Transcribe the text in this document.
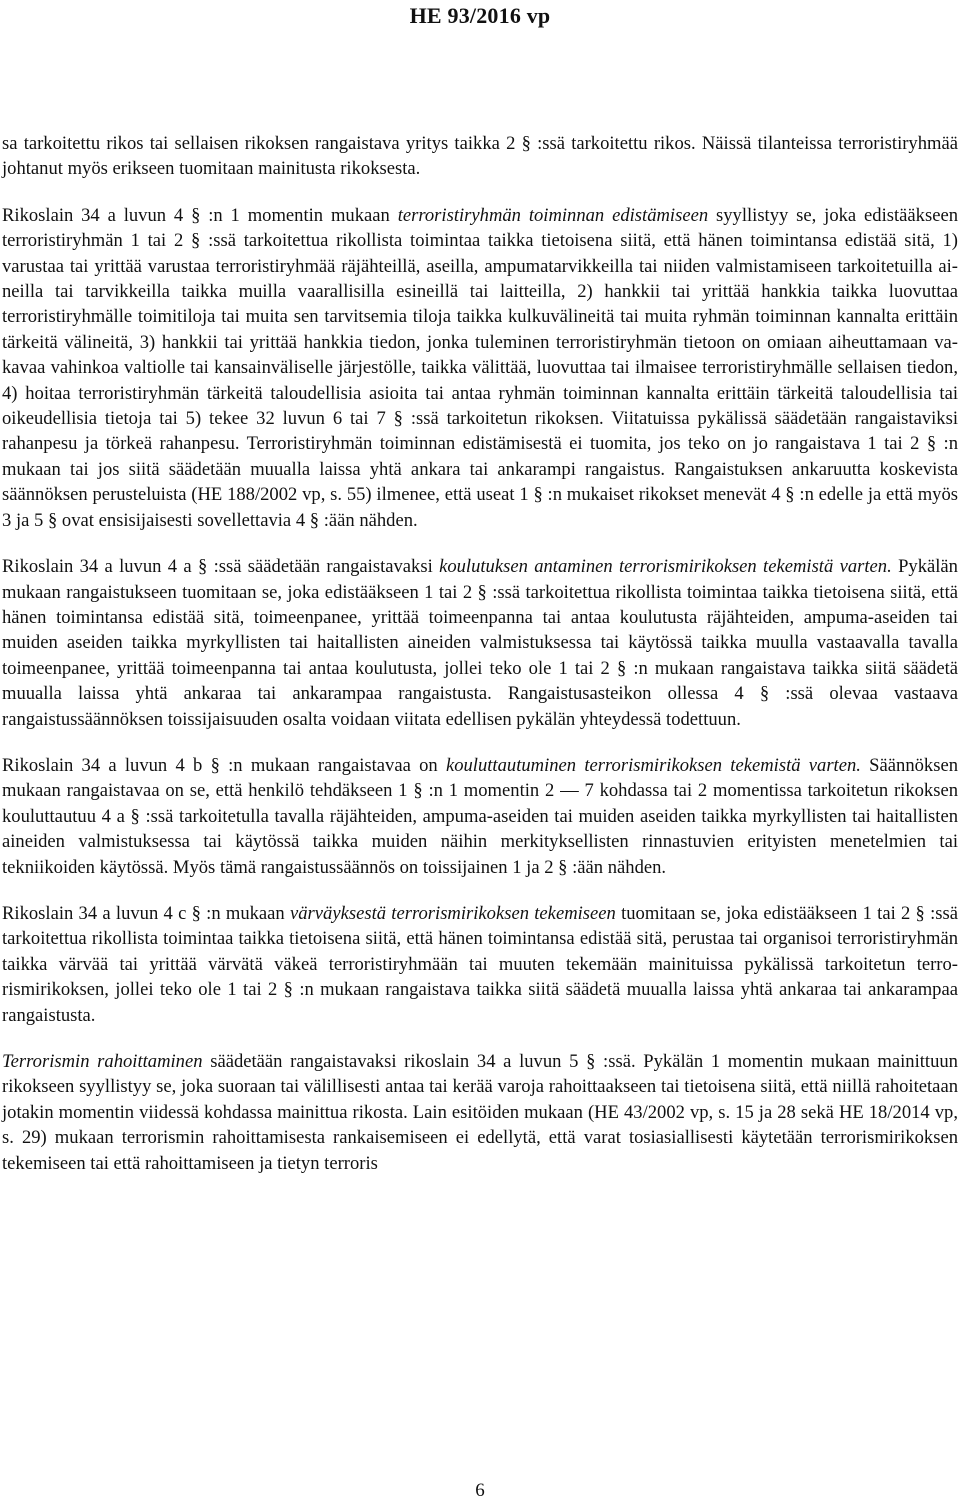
HE 93/2016 vp

sa tarkoitettu rikos tai sellaisen rikoksen rangaistava yritys taikka 2 § :ssä tarkoitettu rikos. Näissä tilanteissa terroristiryhmää johtanut myös erikseen tuomitaan mainitusta rikoksesta.

Rikoslain 34 a luvun 4 § :n 1 momentin mukaan terroristiryhmän toiminnan edistämiseen syyllistyy se, joka edistääkseen terroristiryhmän 1 tai 2 § :ssä tarkoitettua rikollista toimintaa taikka tietoisena siitä, että hänen toimintansa edistää sitä, 1) varustaa tai yrittää varustaa terroristiryhmää räjähteillä, aseilla, ampumatarvikkeilla tai niiden valmistamiseen tarkoitetuilla aineilla tai tarvikkeilla taikka muilla vaarallisilla esineillä tai laitteilla, 2) hankkii tai yrittää hankkia taikka luovuttaa terroristiryhmälle toimitiloja tai muita sen tarvitsemia tiloja taikka kulkuvälineitä tai muita ryhmän toiminnan kannalta erittäin tärkeitä välineitä, 3) hankkii tai yrittää hankkia tiedon, jonka tuleminen terroristiryhmän tietoon on omiaan aiheuttamaan vakavaa vahinkoa valtiolle tai kansainväliselle järjestölle, taikka välittää, luovuttaa tai ilmaisee terroristiryhmälle sellaisen tiedon, 4) hoitaa terroristiryhmän tärkeitä taloudellisia asioita tai antaa ryhmän toiminnan kannalta erittäin tärkeitä taloudellisia tai oikeudellisia tietoja tai 5) tekee 32 luvun 6 tai 7 § :ssä tarkoitetun rikoksen. Viitatuissa pykälissä säädetään rangaistaviksi rahanpesu ja törkeä rahanpesu. Terroristiryhmän toiminnan edistämisestä ei tuomita, jos teko on jo rangaistava 1 tai 2 § :n mukaan tai jos siitä säädetään muualla laissa yhtä ankara tai ankarampi rangaistus. Rangaistuksen ankaruutta koskevista säännöksen perusteluista (HE 188/2002 vp, s. 55) ilmenee, että useat 1 § :n mukaiset rikokset menevät 4 § :n edelle ja että myös 3 ja 5 § ovat ensisijaisesti sovellettavia 4 § :ään nähden.

Rikoslain 34 a luvun 4 a § :ssä säädetään rangaistavaksi koulutuksen antaminen terrorismirikoksen tekemistä varten. Pykälän mukaan rangaistukseen tuomitaan se, joka edistääkseen 1 tai 2 § :ssä tarkoitettua rikollista toimintaa taikka tietoisena siitä, että hänen toimintansa edistää sitä, toimeenpanee, yrittää toimeenpanna tai antaa koulutusta räjähteiden, ampuma-aseiden tai muiden aseiden taikka myrkyllisten tai haitallisten aineiden valmistuksessa tai käytössä taikka muulla vastaavalla tavalla toimeenpanee, yrittää toimeenpanna tai antaa koulutusta, jollei teko ole 1 tai 2 § :n mukaan rangaistava taikka siitä säädetä muualla laissa yhtä ankaraa tai ankarampaa rangaistusta. Rangaistusasteikon ollessa 4 § :ssä olevaa vastaava rangaistussäännöksen toissijaisuuden osalta voidaan viitata edellisen pykälän yhteydessä todettuun.

Rikoslain 34 a luvun 4 b § :n mukaan rangaistavaa on kouluttautuminen terrorismirikoksen tekemistä varten. Säännöksen mukaan rangaistavaa on se, että henkilö tehdäkseen 1 § :n 1 momentin 2 — 7 kohdassa tai 2 momentissa tarkoitetun rikoksen kouluttautuu 4 a § :ssä tarkoitetulla tavalla räjähteiden, ampuma-aseiden tai muiden aseiden taikka myrkyllisten tai haitallisten aineiden valmistuksessa tai käytössä taikka muiden näihin merkityksellisten rinnastuvien erityisten menetelmien tai tekniikoiden käytössä. Myös tämä rangaistussäännös on toissijainen 1 ja 2 § :ään nähden.

Rikoslain 34 a luvun 4 c § :n mukaan värväyksestä terrorismirikoksen tekemiseen tuomitaan se, joka edistääkseen 1 tai 2 § :ssä tarkoitettua rikollista toimintaa taikka tietoisena siitä, että hänen toimintansa edistää sitä, perustaa tai organisoi terroristiryhmän taikka värvää tai yrittää värvätä väkeä terroristiryhmään tai muuten tekemään mainituissa pykälissä tarkoitetun terrorismirikoksen, jollei teko ole 1 tai 2 § :n mukaan rangaistava taikka siitä säädetä muualla laissa yhtä ankaraa tai ankarampaa rangaistusta.

Terrorismin rahoittaminen säädetään rangaistavaksi rikoslain 34 a luvun 5 § :ssä. Pykälän 1 momentin mukaan mainittuun rikokseen syyllistyy se, joka suoraan tai välillisesti antaa tai kerää varoja rahoittaakseen tai tietoisena siitä, että niillä rahoitetaan jotakin momentin viidessä kohdassa mainittua rikosta. Lain esitöiden mukaan (HE 43/2002 vp, s. 15 ja 28 sekä HE 18/2014 vp, s. 29) mukaan terrorismin rahoittamisesta rankaisemiseen ei edellytä, että varat tosiasiallisesti käytetään terrorismirikoksen tekemiseen tai että rahoittamiseen ja tietyn terroris

6
